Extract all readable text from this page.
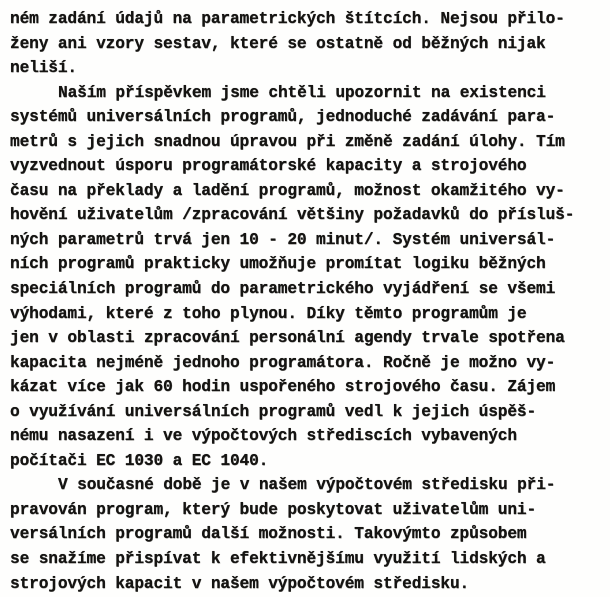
ném zadání údajů na parametrických štítcích. Nejsou přilo-
ženy ani vzory sestav, které se ostatně od běžných nijak
neliší.
Naším příspěvkem jsme chtěli upozornit na existenci
systémů universálních programů, jednoduché zadávání para-
metrů s jejich snadnou úpravou při změně zadání úlohy. Tím
vyzvednout úsporu programátorské kapacity a strojového
času na překlady a ladění programů, možnost okamžitého vy-
hovění uživatelům /zpracování většiny požadavků do přísluš-
ných parametrů trvá jen 10 - 20 minut/. Systém universál-
ních programů prakticky umožňuje promítat logiku běžných
speciálních programů do parametrického vyjádření se všemi
výhodami, které z toho plynou. Díky těmto programům je
jen v oblasti zpracování personální agendy trvale spotřena
kapacita nejméně jednoho programátora. Ročně je možno vy-
kázat více jak 60 hodin uspořeného strojového času. Zájem
o využívání universálních programů vedl k jejich úspěš-
nému nasazení i ve výpočtových střediscích vybavených
počítači EC 1030 a EC 1040.
V současné době je v našem výpočtovém středisku při-
pravován program, který bude poskytovat uživatelům uni-
versálních programů další možnosti. Takovýmto způsobem
se snažíme přispívat k efektivnějšímu využití lidských a
strojových kapacit v našem výpočtovém středisku.
